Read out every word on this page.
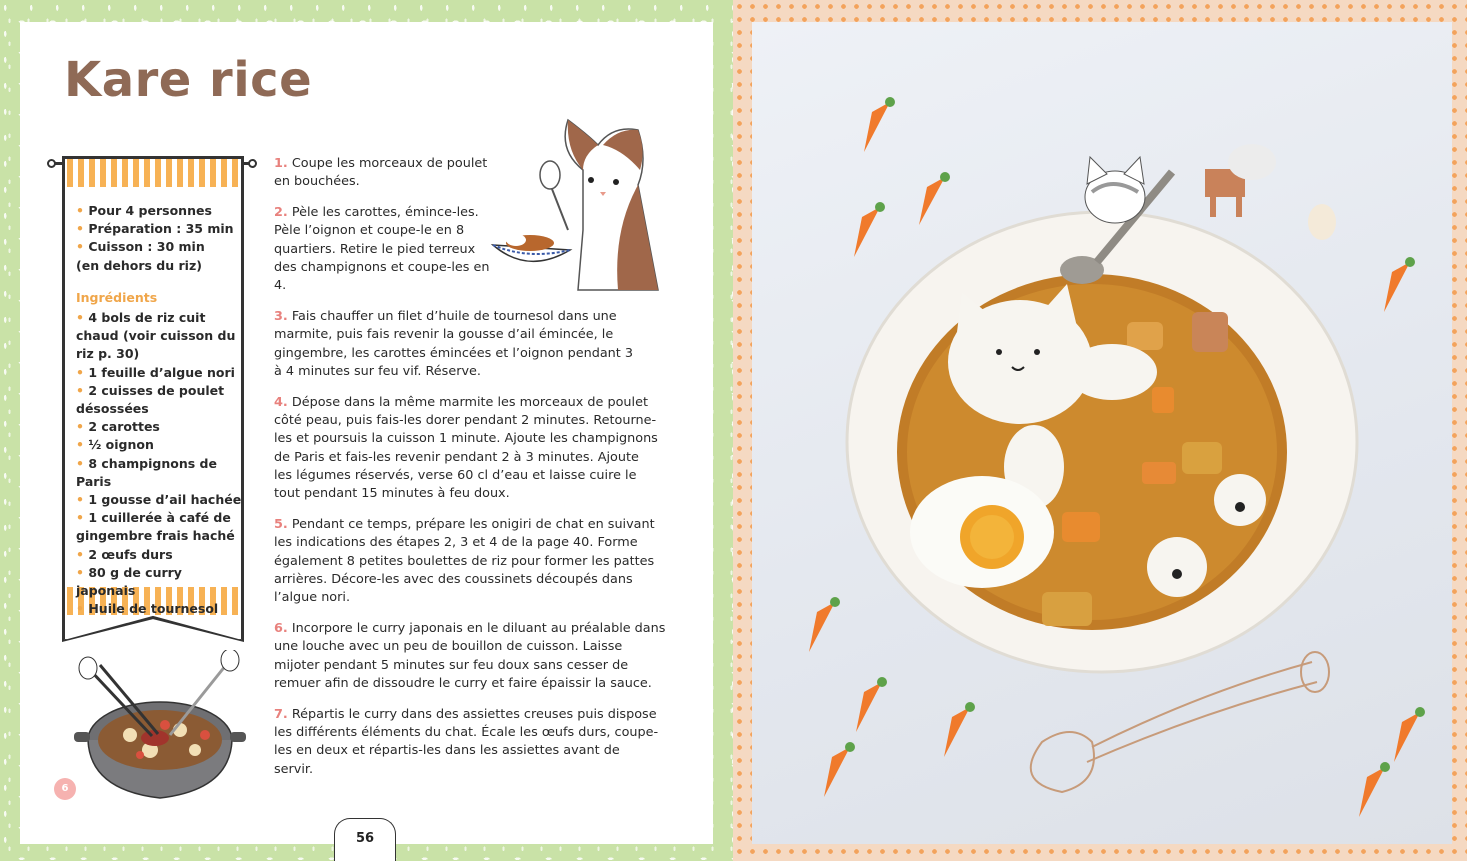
Kare rice
• Pour 4 personnes
• Préparation : 35 min
• Cuisson : 30 min
(en dehors du riz)
Ingrédients
• 4 bols de riz cuit chaud (voir cuisson du riz p. 30)
• 1 feuille d’algue nori
• 2 cuisses de poulet désossées
• 2 carottes
• ½ oignon
• 8 champignons de Paris
• 1 gousse d’ail hachée
• 1 cuillerée à café de gingembre frais haché
• 2 œufs durs
• 80 g de curry japonais
• Huile de tournesol

1. Coupe les morceaux de poulet en bouchées.

2. Pèle les carottes, émince-les. Pèle l’oignon et coupe-le en 8 quartiers. Retire le pied terreux des champignons et coupe-les en 4.

3. Fais chauffer un filet d’huile de tournesol dans une marmite, puis fais revenir la gousse d’ail émincée, le gingembre, les carottes émincées et l’oignon pendant 3 à 4 minutes sur feu vif. Réserve.

4. Dépose dans la même marmite les morceaux de poulet côté peau, puis fais-les dorer pendant 2 minutes. Retourne-les et poursuis la cuisson 1 minute. Ajoute les champignons de Paris et fais-les revenir pendant 2 à 3 minutes. Ajoute les légumes réservés, verse 60 cl d’eau et laisse cuire le tout pendant 15 minutes à feu doux.

5. Pendant ce temps, prépare les onigiri de chat en suivant les indications des étapes 2, 3 et 4 de la page 40. Forme également 8 petites boulettes de riz pour former les pattes arrières. Décore-les avec des coussinets découpés dans l’algue nori.

6. Incorpore le curry japonais en le diluant au préalable dans une louche avec un peu de bouillon de cuisson. Laisse mijoter pendant 5 minutes sur feu doux sans cesser de remuer afin de dissoudre le curry et faire épaissir la sauce.

7. Répartis le curry dans des assiettes creuses puis dispose les différents éléments du chat. Écale les œufs durs, coupe-les en deux et répartis-les dans les assiettes avant de servir.

6
56
